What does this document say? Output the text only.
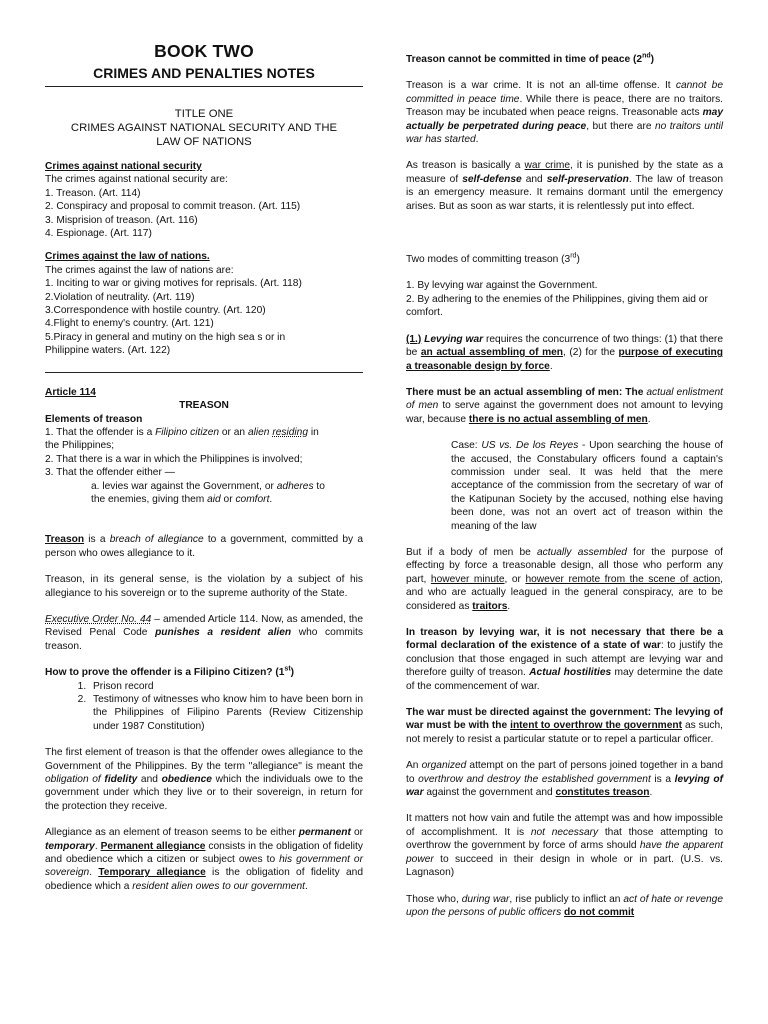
BOOK TWO
CRIMES AND PENALTIES NOTES
TITLE ONE
CRIMES AGAINST NATIONAL SECURITY AND THE
LAW OF NATIONS
Crimes against national security
The crimes against national security are:
1. Treason. (Art. 114)
2. Conspiracy and proposal to commit treason. (Art. 115)
3. Misprision of treason. (Art. 116)
4. Espionage. (Art. 117)
Crimes against the law of nations.
The crimes against the law of nations are:
1. Inciting to war or giving motives for reprisals. (Art. 118)
2.Violation of neutrality. (Art. 119)
3.Correspondence with hostile country. (Art. 120)
4.Flight to enemy's country. (Art. 121)
5.Piracy in general and mutiny on the high sea s or in
Philippine waters. (Art. 122)
Article 114
TREASON
Elements of treason
1. That the offender is a Filipino citizen or an alien residing in
the Philippines;
2. That there is a war in which the Philippines is involved;
3. That the offender either —
a. levies war against the Government, or adheres to
the enemies, giving them aid or comfort.

Treason is a breach of allegiance to a government, committed by a person who owes allegiance to it.

Treason, in its general sense, is the violation by a subject of his allegiance to his sovereign or to the supreme authority of the State.

Executive Order No. 44 – amended Article 114. Now, as amended, the Revised Penal Code punishes a resident alien who commits treason.

How to prove the offender is a Filipino Citizen? (1st)

1. Prison record
2. Testimony of witnesses who know him to have been born in the Philippines of Filipino Parents (Review Citizenship under 1987 Constitution)

The first element of treason is that the offender owes allegiance to the Government of the Philippines. By the term "allegiance" is meant the obligation of fidelity and obedience which the individuals owe to the government under which they live or to their sovereign, in return for the protection they receive.

Allegiance as an element of treason seems to be either permanent or temporary. Permanent allegiance consists in the obligation of fidelity and obedience which a citizen or subject owes to his government or sovereign. Temporary allegiance is the obligation of fidelity and obedience which a resident alien owes to our government.

Treason cannot be committed in time of peace (2nd)

Treason is a war crime. It is not an all-time offense. It cannot be committed in peace time. While there is peace, there are no traitors. Treason may be incubated when peace reigns. Treasonable acts may actually be perpetrated during peace, but there are no traitors until war has started.

As treason is basically a war crime, it is punished by the state as a measure of self-defense and self-preservation. The law of treason is an emergency measure. It remains dormant until the emergency arises. But as soon as war starts, it is relentlessly put into effect.

Two modes of committing treason (3rd)

1. By levying war against the Government.

2. By adhering to the enemies of the Philippines, giving them aid or comfort.

(1.) Levying war requires the concurrence of two things: (1) that there be an actual assembling of men, (2) for the purpose of executing a treasonable design by force.

There must be an actual assembling of men: The actual enlistment of men to serve against the government does not amount to levying war, because there is no actual assembling of men.

Case: US vs. De los Reyes - Upon searching the house of the accused, the Constabulary officers found a captain's commission under seal. It was held that the mere acceptance of the commission from the secretary of war of the Katipunan Society by the accused, nothing else having been done, was not an overt act of treason within the meaning of the law

But if a body of men be actually assembled for the purpose of effecting by force a treasonable design, all those who perform any part, however minute, or however remote from the scene of action, and who are actually leagued in the general conspiracy, are to be considered as traitors.

In treason by levying war, it is not necessary that there be a formal declaration of the existence of a state of war: to justify the conclusion that those engaged in such attempt are levying war and therefore guilty of treason. Actual hostilities may determine the date of the commencement of war.

The war must be directed against the government: The levying of war must be with the intent to overthrow the government as such, not merely to resist a particular statute or to repel a particular officer.

An organized attempt on the part of persons joined together in a band to overthrow and destroy the established government is a levying of war against the government and constitutes treason.

It matters not how vain and futile the attempt was and how impossible of accomplishment. It is not necessary that those attempting to overthrow the government by force of arms should have the apparent power to succeed in their design in whole or in part. (U.S. vs. Lagnason)

Those who, during war, rise publicly to inflict an act of hate or revenge upon the persons of public officers do not commit
